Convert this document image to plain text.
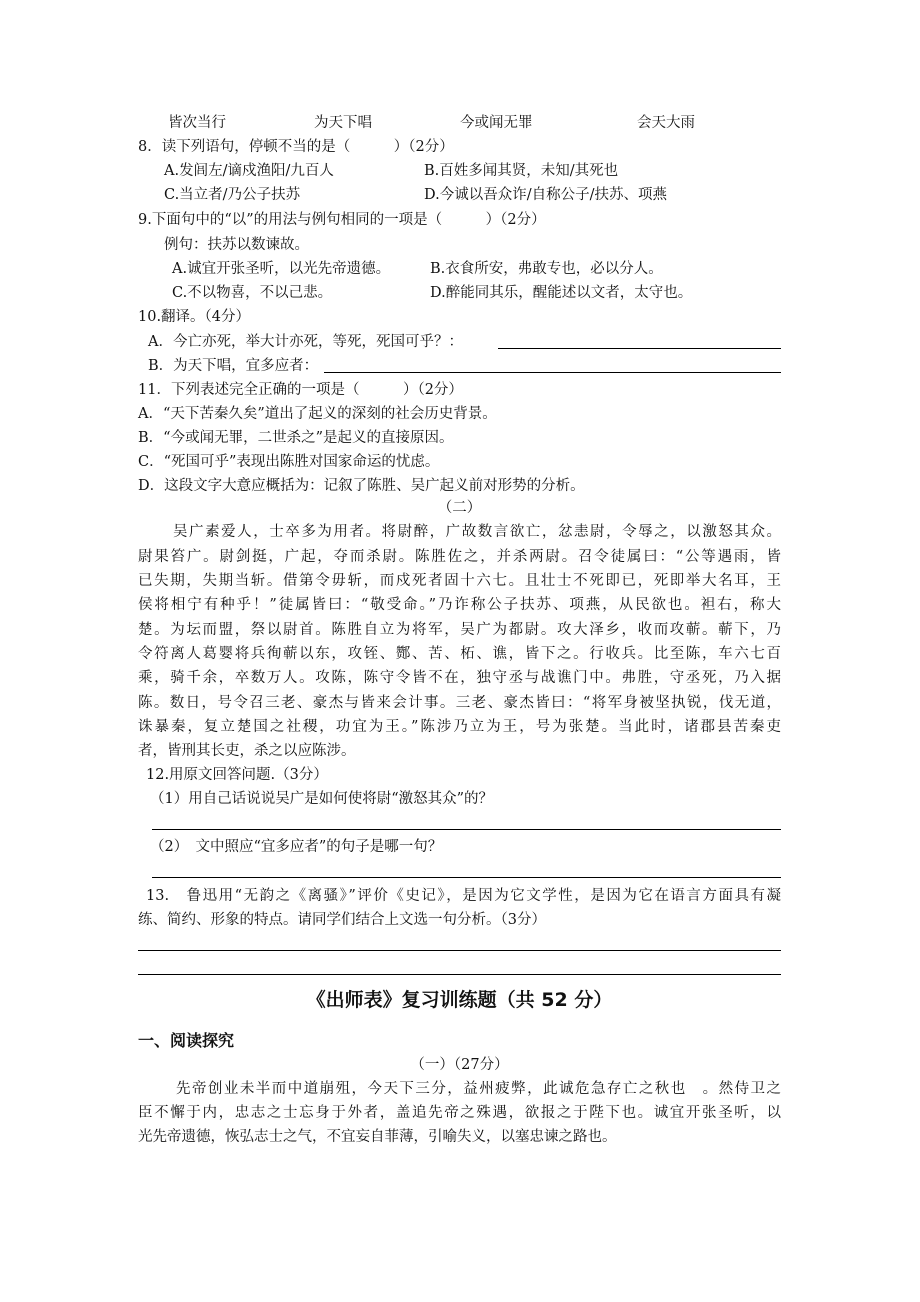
皆次当行	为天下唱	今或闻无罪	会天大雨
8．读下列语句，停顿不当的是（　　　）（2分）
A.发闾左/谪戍渔阳/九百人	B.百姓多闻其贤，未知/其死也
C.当立者/乃公子扶苏	D.今诚以吾众诈/自称公子/扶苏、项燕
9.下面句中的“以”的用法与例句相同的一项是（　　　）（2分）
例句：扶苏以数谏故。
A.诚宜开张圣听，以光先帝遗德。	B.衣食所安，弗敢专也，必以分人。
C.不以物喜，不以己悲。	D.醉能同其乐，醒能述以文者，太守也。
10.翻译。（4分）
A．今亡亦死，举大计亦死，等死，死国可乎？：
B．为天下唱，宜多应者：
11．下列表述完全正确的一项是（　　　）（2分）
A．“天下苦秦久矣”道出了起义的深刻的社会历史背景。
B．“今或闻无罪，二世杀之”是起义的直接原因。
C．“死国可乎”表现出陈胜对国家命运的忧虑。
D．这段文字大意应概括为：记叙了陈胜、吴广起义前对形势的分析。
（二）
吴广素爱人，士卒多为用者。将尉醉，广故数言欲亡，忿恚尉，令辱之，以激怒其众。
尉果笞广。尉剑挺，广起，夺而杀尉。陈胜佐之，并杀两尉。召令徒属曰：“公等遇雨，皆
已失期，失期当斩。借第令毋斩，而戍死者固十六七。且壮士不死即已，死即举大名耳，王
侯将相宁有种乎！”徒属皆曰：“敬受命。”乃诈称公子扶苏、项燕，从民欲也。袒右，称大
楚。为坛而盟，祭以尉首。陈胜自立为将军，吴广为都尉。攻大泽乡，收而攻蕲。蕲下，乃
令符离人葛婴将兵徇蕲以东，攻铚、酂、苦、柘、谯，皆下之。行收兵。比至陈，车六七百
乘，骑千余，卒数万人。攻陈，陈守令皆不在，独守丞与战谯门中。弗胜，守丞死，乃入据
陈。数日，号令召三老、豪杰与皆来会计事。三老、豪杰皆曰：“将军身被坚执锐，伐无道，
诛暴秦，复立楚国之社稷，功宜为王。”陈涉乃立为王，号为张楚。当此时，诸郡县苦秦吏
者，皆刑其长吏，杀之以应陈涉。
12.用原文回答问题.（3分）
（1）用自己话说说吴广是如何使将尉“激怒其众”的？
（2）　文中照应“宜多应者”的句子是哪一句？
13.　鲁迅用“无韵之《离骚》”评价《史记》，是因为它文学性，是因为它在语言方面具有凝
练、简约、形象的特点。请同学们结合上文选一句分析。（3分）
《出师表》复习训练题（共 52 分）
一、阅读探究
（一）（27分）
先帝创业未半而中道崩殂，今天下三分，益州疲弊，此诚危急存亡之秋也　。然侍卫之
臣不懈于内，忠志之士忘身于外者，盖追先帝之殊遇，欲报之于陛下也。诚宜开张圣听，以
光先帝遗德，恢弘志士之气，不宜妄自菲薄，引喻失义，以塞忠谏之路也。
